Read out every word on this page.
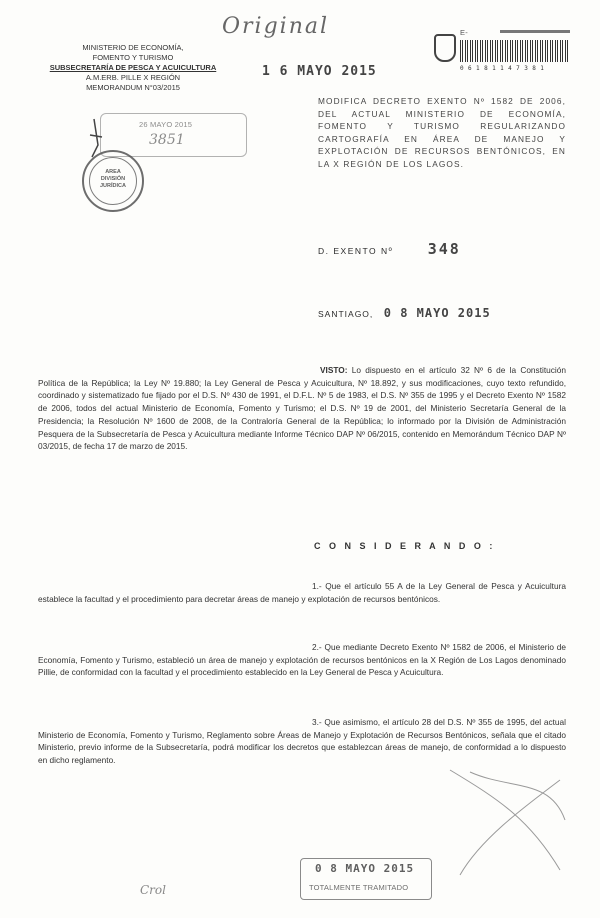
Original
MINISTERIO DE ECONOMÍA,
FOMENTO Y TURISMO
SUBSECRETARÍA DE PESCA Y ACUICULTURA
A.M.ERB. PILLE X REGIÓN
MEMORANDUM N°03/2015
1 6 MAYO 2015
26 MAYO 2015
3851
AREA DIVISIÓN JURÍDICA
E-
0 6 1 8 1 1 4 7 3 8 1
MODIFICA DECRETO EXENTO Nº 1582 DE 2006, DEL ACTUAL MINISTERIO DE ECONOMÍA, FOMENTO Y TURISMO REGULARIZANDO CARTOGRAFÍA EN ÁREA DE MANEJO Y EXPLOTACIÓN DE RECURSOS BENTÓNICOS, EN LA X REGIÓN DE LOS LAGOS.
D. EXENTO Nº 348
SANTIAGO, 0 8 MAYO 2015
VISTO: Lo dispuesto en el artículo 32 Nº 6 de la Constitución Política de la República; la Ley Nº 19.880; la Ley General de Pesca y Acuicultura, Nº 18.892, y sus modificaciones, cuyo texto refundido, coordinado y sistematizado fue fijado por el D.S. Nº 430 de 1991, el D.F.L. Nº 5 de 1983, el D.S. Nº 355 de 1995 y el Decreto Exento Nº 1582 de 2006, todos del actual Ministerio de Economía, Fomento y Turismo; el D.S. Nº 19 de 2001, del Ministerio Secretaría General de la Presidencia; la Resolución Nº 1600 de 2008, de la Contraloría General de la República; lo informado por la División de Administración Pesquera de la Subsecretaría de Pesca y Acuicultura mediante Informe Técnico DAP Nº 06/2015, contenido en Memorándum Técnico DAP Nº 03/2015, de fecha 17 de marzo de 2015.
C O N S I D E R A N D O :
1.- Que el artículo 55 A de la Ley General de Pesca y Acuicultura establece la facultad y el procedimiento para decretar áreas de manejo y explotación de recursos bentónicos.
2.- Que mediante Decreto Exento Nº 1582 de 2006, el Ministerio de Economía, Fomento y Turismo, estableció un área de manejo y explotación de recursos bentónicos en la X Región de Los Lagos denominado Pillie, de conformidad con la facultad y el procedimiento establecido en la Ley General de Pesca y Acuicultura.
3.- Que asimismo, el artículo 28 del D.S. Nº 355 de 1995, del actual Ministerio de Economía, Fomento y Turismo, Reglamento sobre Áreas de Manejo y Explotación de Recursos Bentónicos, señala que el citado Ministerio, previo informe de la Subsecretaría, podrá modificar los decretos que establezcan áreas de manejo, de conformidad a lo dispuesto en dicho reglamento.
0 8 MAYO 2015
TOTALMENTE TRAMITADO
Crol
